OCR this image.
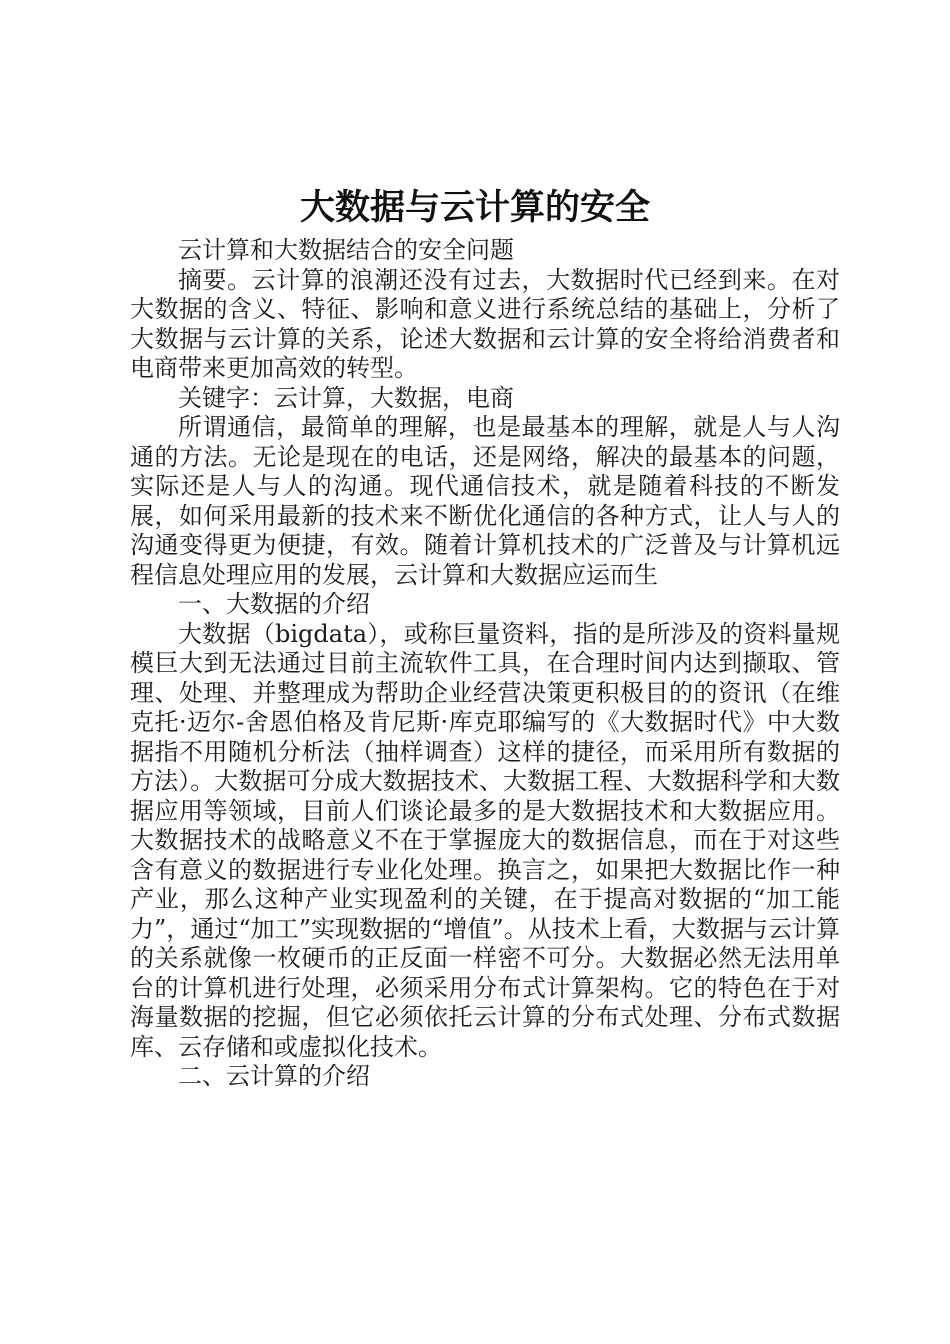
大数据与云计算的安全

云计算和大数据结合的安全问题

摘要。云计算的浪潮还没有过去，大数据时代已经到来。在对大数据的含义、特征、影响和意义进行系统总结的基础上，分析了大数据与云计算的关系，论述大数据和云计算的安全将给消费者和电商带来更加高效的转型。

关键字：云计算，大数据，电商

所谓通信，最简单的理解，也是最基本的理解，就是人与人沟通的方法。无论是现在的电话，还是网络，解决的最基本的问题，实际还是人与人的沟通。现代通信技术，就是随着科技的不断发展，如何采用最新的技术来不断优化通信的各种方式，让人与人的沟通变得更为便捷，有效。随着计算机技术的广泛普及与计算机远程信息处理应用的发展，云计算和大数据应运而生

一、大数据的介绍

大数据（bigdata），或称巨量资料，指的是所涉及的资料量规模巨大到无法通过目前主流软件工具，在合理时间内达到撷取、管理、处理、并整理成为帮助企业经营决策更积极目的的资讯（在维克托·迈尔-舍恩伯格及肯尼斯·库克耶编写的《大数据时代》中大数据指不用随机分析法（抽样调查）这样的捷径，而采用所有数据的方法）。大数据可分成大数据技术、大数据工程、大数据科学和大数据应用等领域，目前人们谈论最多的是大数据技术和大数据应用。大数据技术的战略意义不在于掌握庞大的数据信息，而在于对这些含有意义的数据进行专业化处理。换言之，如果把大数据比作一种产业，那么这种产业实现盈利的关键，在于提高对数据的“加工能力”，通过“加工”实现数据的“增值”。从技术上看，大数据与云计算的关系就像一枚硬币的正反面一样密不可分。大数据必然无法用单台的计算机进行处理，必须采用分布式计算架构。它的特色在于对海量数据的挖掘，但它必须依托云计算的分布式处理、分布式数据库、云存储和或虚拟化技术。

二、云计算的介绍
